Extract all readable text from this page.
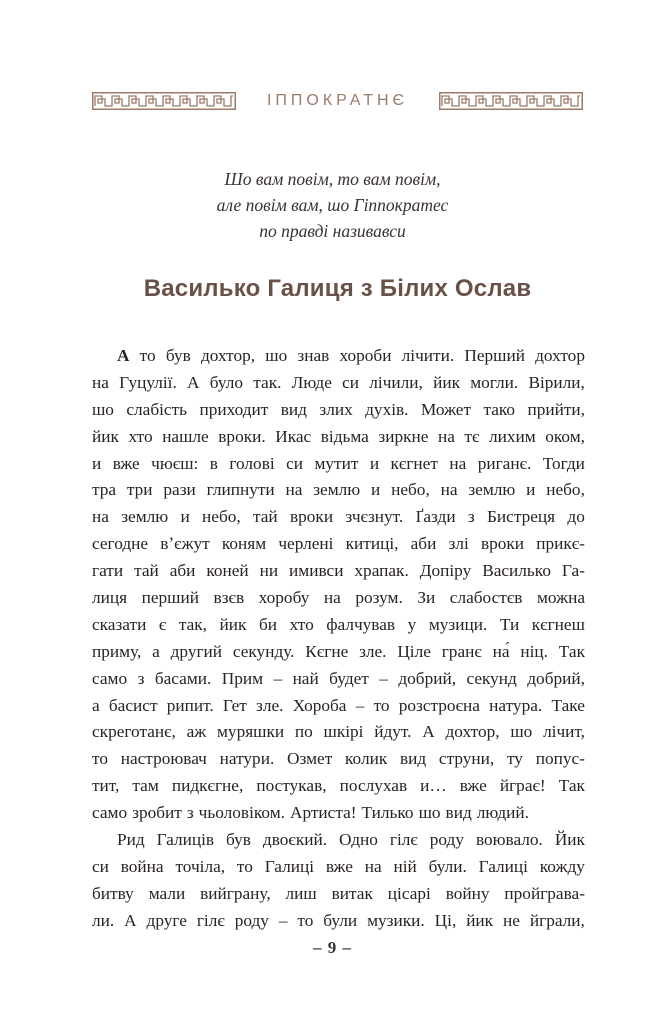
ІППОКРАТНЄ
Шо вам повім, то вам повім,
але повім вам, шо Гіппократес
по правді називавси
Василько Галиця з Білих Ослав
А то був дохтор, шо знав хороби лічити. Перший дохтор
на Гуцулії. А було так. Люде си лічили, йик могли. Вірили,
шо слабість приходит вид злих духів. Может тако прийти,
йик хто нашле вроки. Икас відьма зиркне на тє лихим оком,
и вже чюєш: в голові си мутит и кєгнет на риганє. Тогди
тра три рази глипнути на землю и небо, на землю и небо,
на землю и небо, тай вроки зчєзнут. Ґазди з Бистреця до
сегодне вʼєжут коням черлені китиці, аби злі вроки прикє-
гати тай аби коней ни имивси храпак. Допіру Василько Га-
лиця перший взєв хоробу на розум. Зи слабостєв можна
сказати є так, йик би хто фалчував у музици. Ти кєгнеш
приму, а другий секунду. Кєгне зле. Ціле гранє на́ ніц. Так
само з басами. Прим – най будет – добрий, секунд добрий,
а басист рипит. Гет зле. Хороба – то розстроєна натура. Таке
скреготанє, аж муряшки по шкірі йдут. А дохтор, шо лічит,
то настроювач натури. Озмет колик вид струни, ту попус-
тит, там пидкєгне, постукав, послухав и… вже йграє! Так
само зробит з чьоловіком. Артиста! Тилько шо вид людий.
Рид Галиців був двоєкий. Одно гілє роду воювало. Йик
си война точіла, то Галиці вже на ній були. Галиці кожду
битву мали вийграну, лиш витак цісарі войну пройграва-
ли. А друге гілє роду – то були музики. Ці, йик не йграли,
– 9 –
